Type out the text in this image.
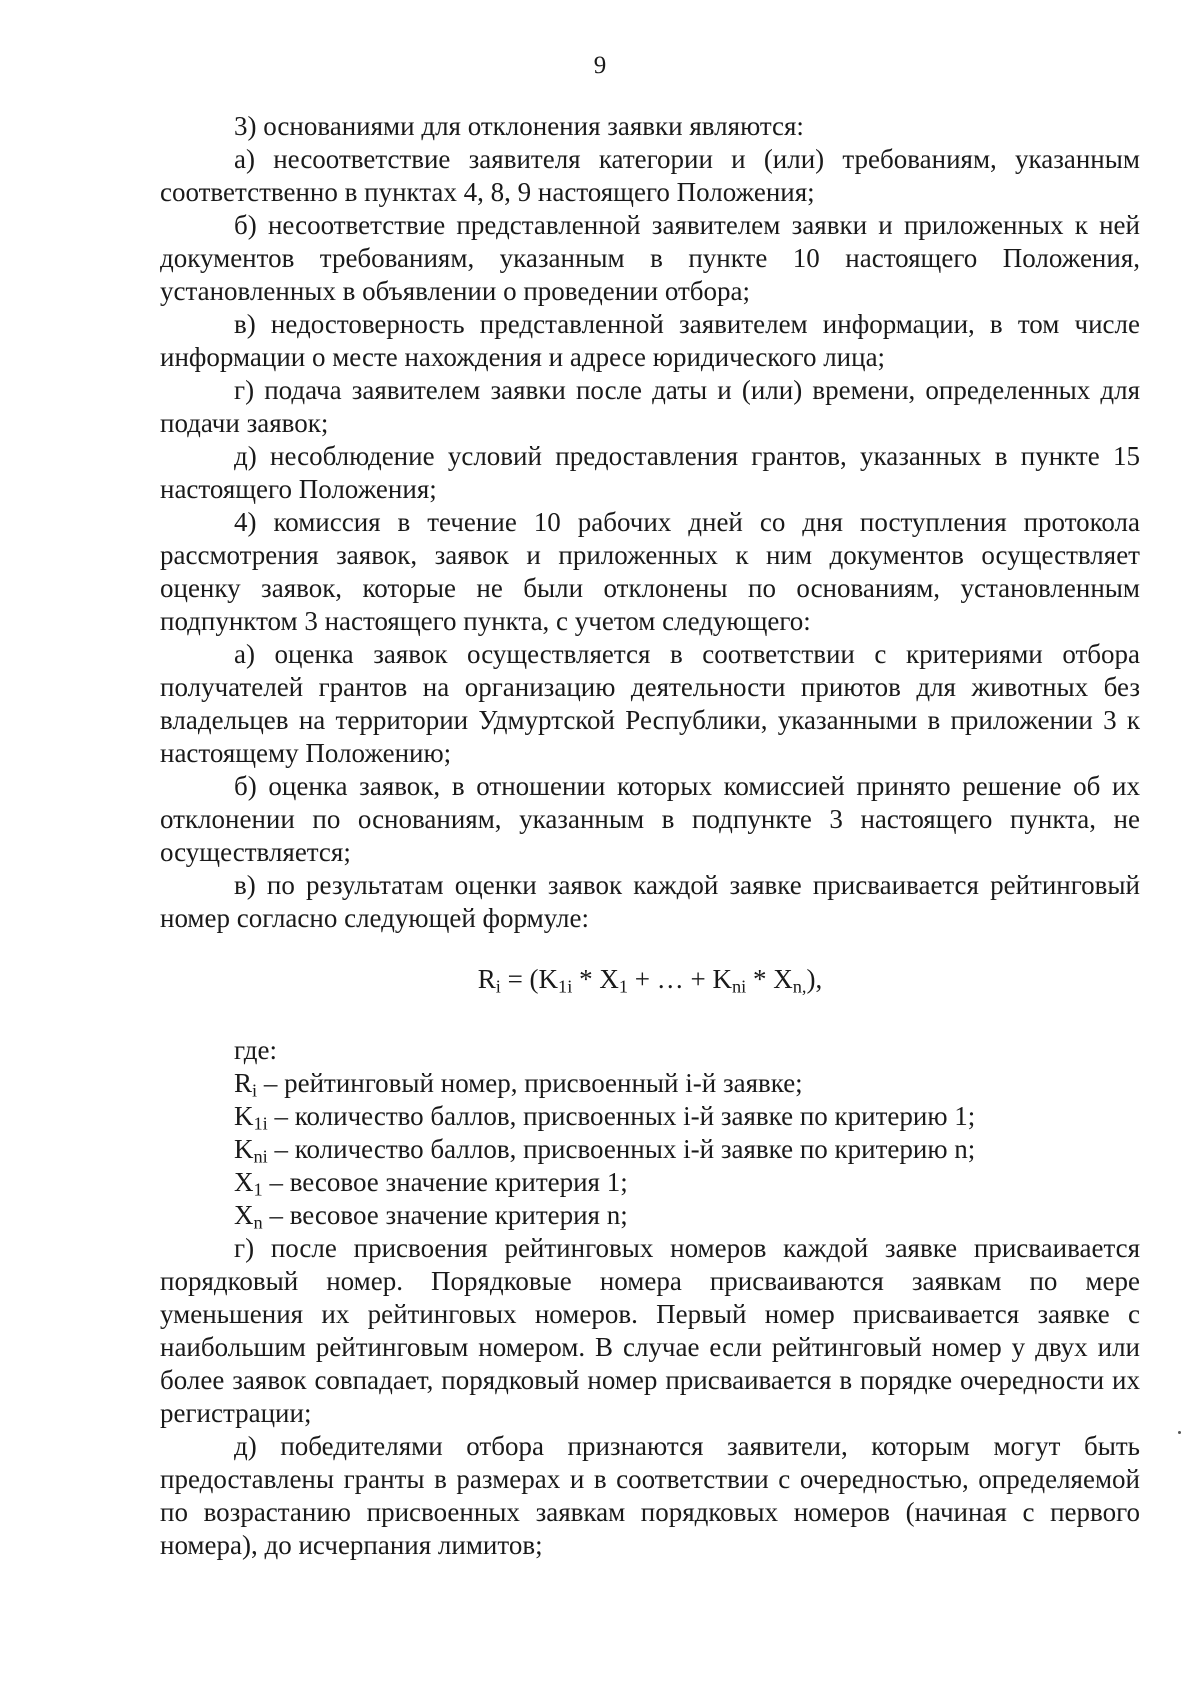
9

3) основаниями для отклонения заявки являются:

а) несоответствие заявителя категории и (или) требованиям, указанным соответственно в пунктах 4, 8, 9 настоящего Положения;

б) несоответствие представленной заявителем заявки и приложенных к ней документов требованиям, указанным в пункте 10 настоящего Положения, установленных в объявлении о проведении отбора;

в) недостоверность представленной заявителем информации, в том числе информации о месте нахождения и адресе юридического лица;

г) подача заявителем заявки после даты и (или) времени, определенных для подачи заявок;

д) несоблюдение условий предоставления грантов, указанных в пункте 15 настоящего Положения;

4) комиссия в течение 10 рабочих дней со дня поступления протокола рассмотрения заявок, заявок и приложенных к ним документов осуществляет оценку заявок, которые не были отклонены по основаниям, установленным подпунктом 3 настоящего пункта, с учетом следующего:

а) оценка заявок осуществляется в соответствии с критериями отбора получателей грантов на организацию деятельности приютов для животных без владельцев на территории Удмуртской Республики, указанными в приложении 3 к настоящему Положению;

б) оценка заявок, в отношении которых комиссией принято решение об их отклонении по основаниям, указанным в подпункте 3 настоящего пункта, не осуществляется;

в) по результатам оценки заявок каждой заявке присваивается рейтинговый номер согласно следующей формуле:

$R_i = (K_{1i} * X_1$ + … + $K_{ni} * X_{n,}$),

где:

$R_i$ – рейтинговый номер, присвоенный i-й заявке;

$K_{1i}$ – количество баллов, присвоенных i-й заявке по критерию 1;

$K_{ni}$ – количество баллов, присвоенных i-й заявке по критерию n;

$X_1$ – весовое значение критерия 1;

$X_n$ – весовое значение критерия n;

г) после присвоения рейтинговых номеров каждой заявке присваивается порядковый номер. Порядковые номера присваиваются заявкам по мере уменьшения их рейтинговых номеров. Первый номер присваивается заявке с наибольшим рейтинговым номером. В случае если рейтинговый номер у двух или более заявок совпадает, порядковый номер присваивается в порядке очередности их регистрации;

д) победителями отбора признаются заявители, которым могут быть предоставлены гранты в размерах и в соответствии с очередностью, определяемой по возрастанию присвоенных заявкам порядковых номеров (начиная с первого номера), до исчерпания лимитов;
